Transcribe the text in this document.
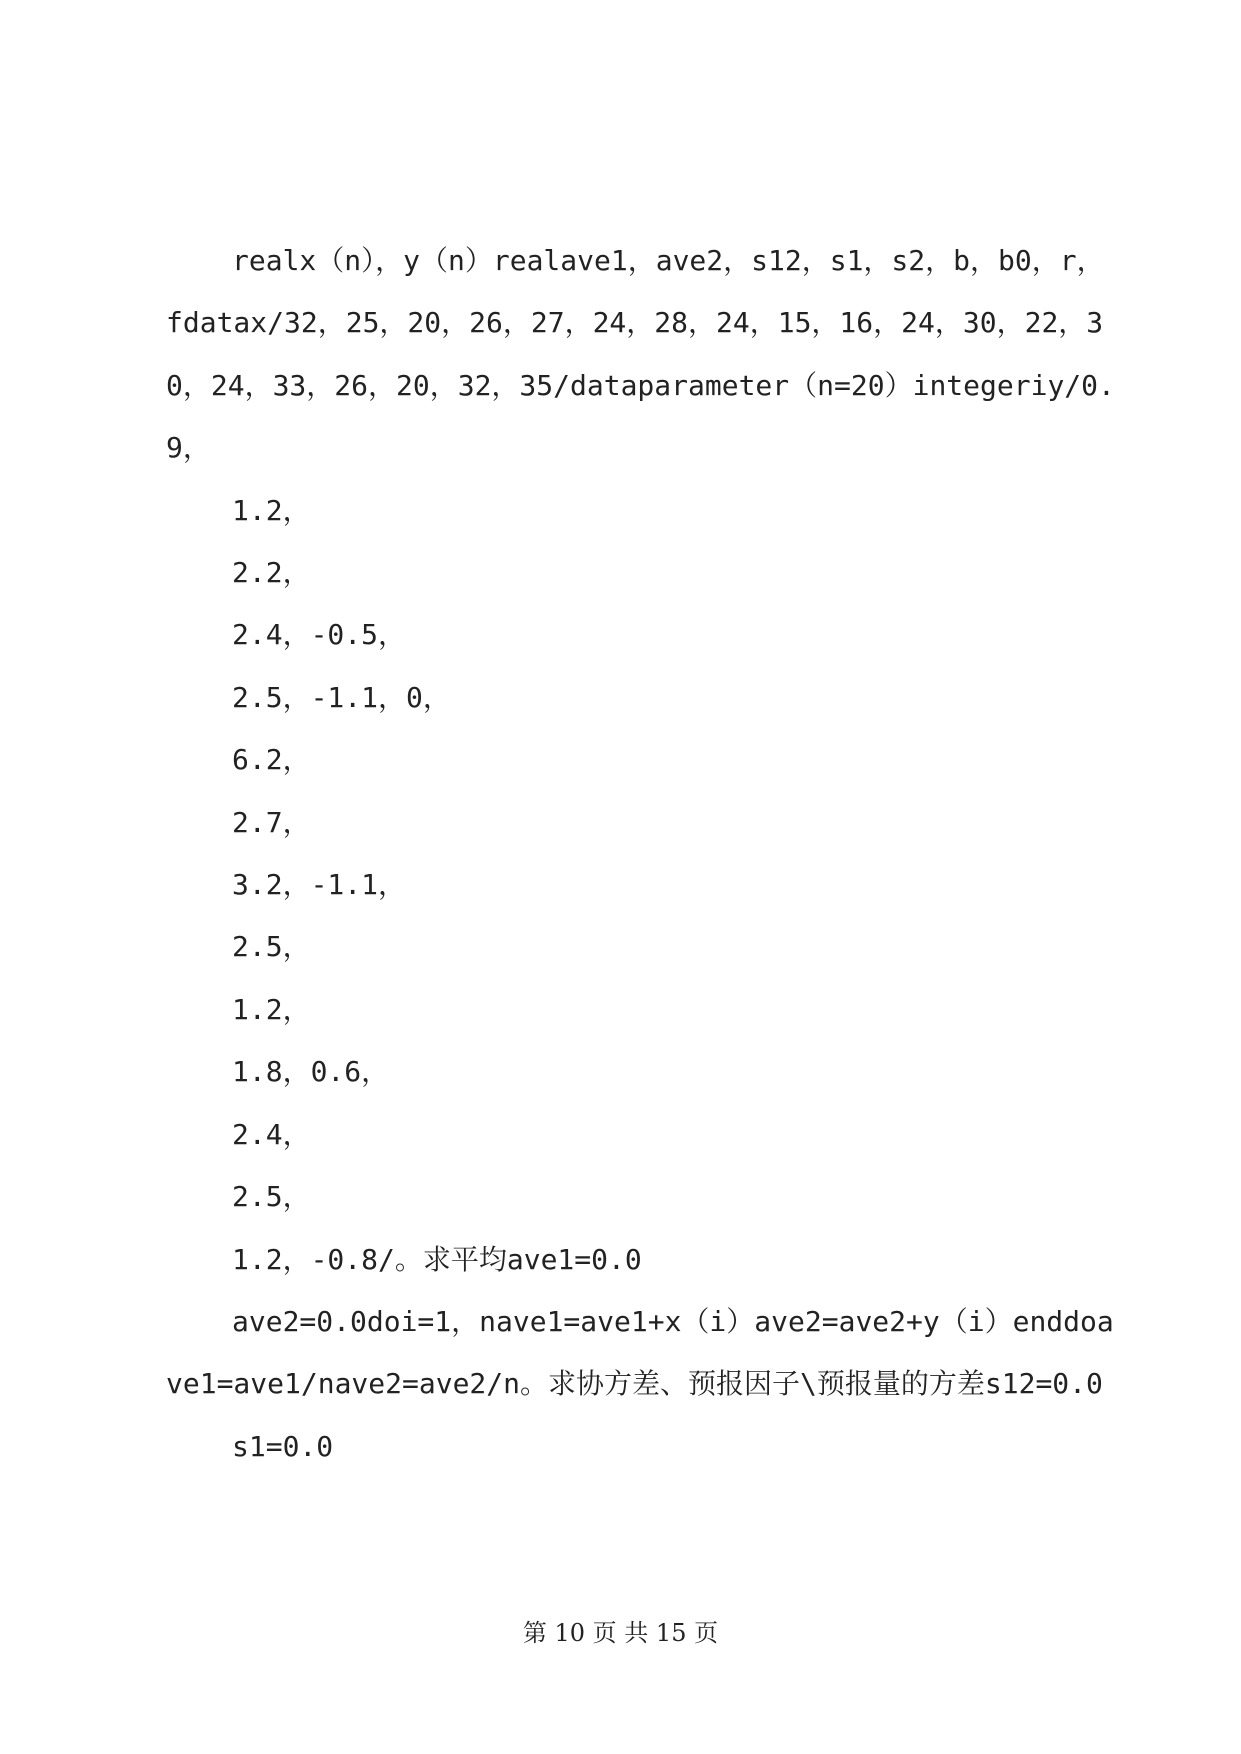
realx（n），y（n）realave1，ave2，s12，s1，s2，b，b0，r，fdatax/32，25，20，26，27，24，28，24，15，16，24，30，22，30，24，33，26，20，32，35/dataparameter（n=20）integeriy/0.9，

1.2，

2.2，

2.4，-0.5，

2.5，-1.1，0，

6.2，

2.7，

3.2，-1.1，

2.5，

1.2，

1.8，0.6，

2.4，

2.5，

1.2，-0.8/。求平均ave1=0.0

ave2=0.0doi=1，nave1=ave1+x（i）ave2=ave2+y（i）enddoave1=ave1/nave2=ave2/n。求协方差、预报因子\预报量的方差s12=0.0

s1=0.0

第 10 页 共 15 页
